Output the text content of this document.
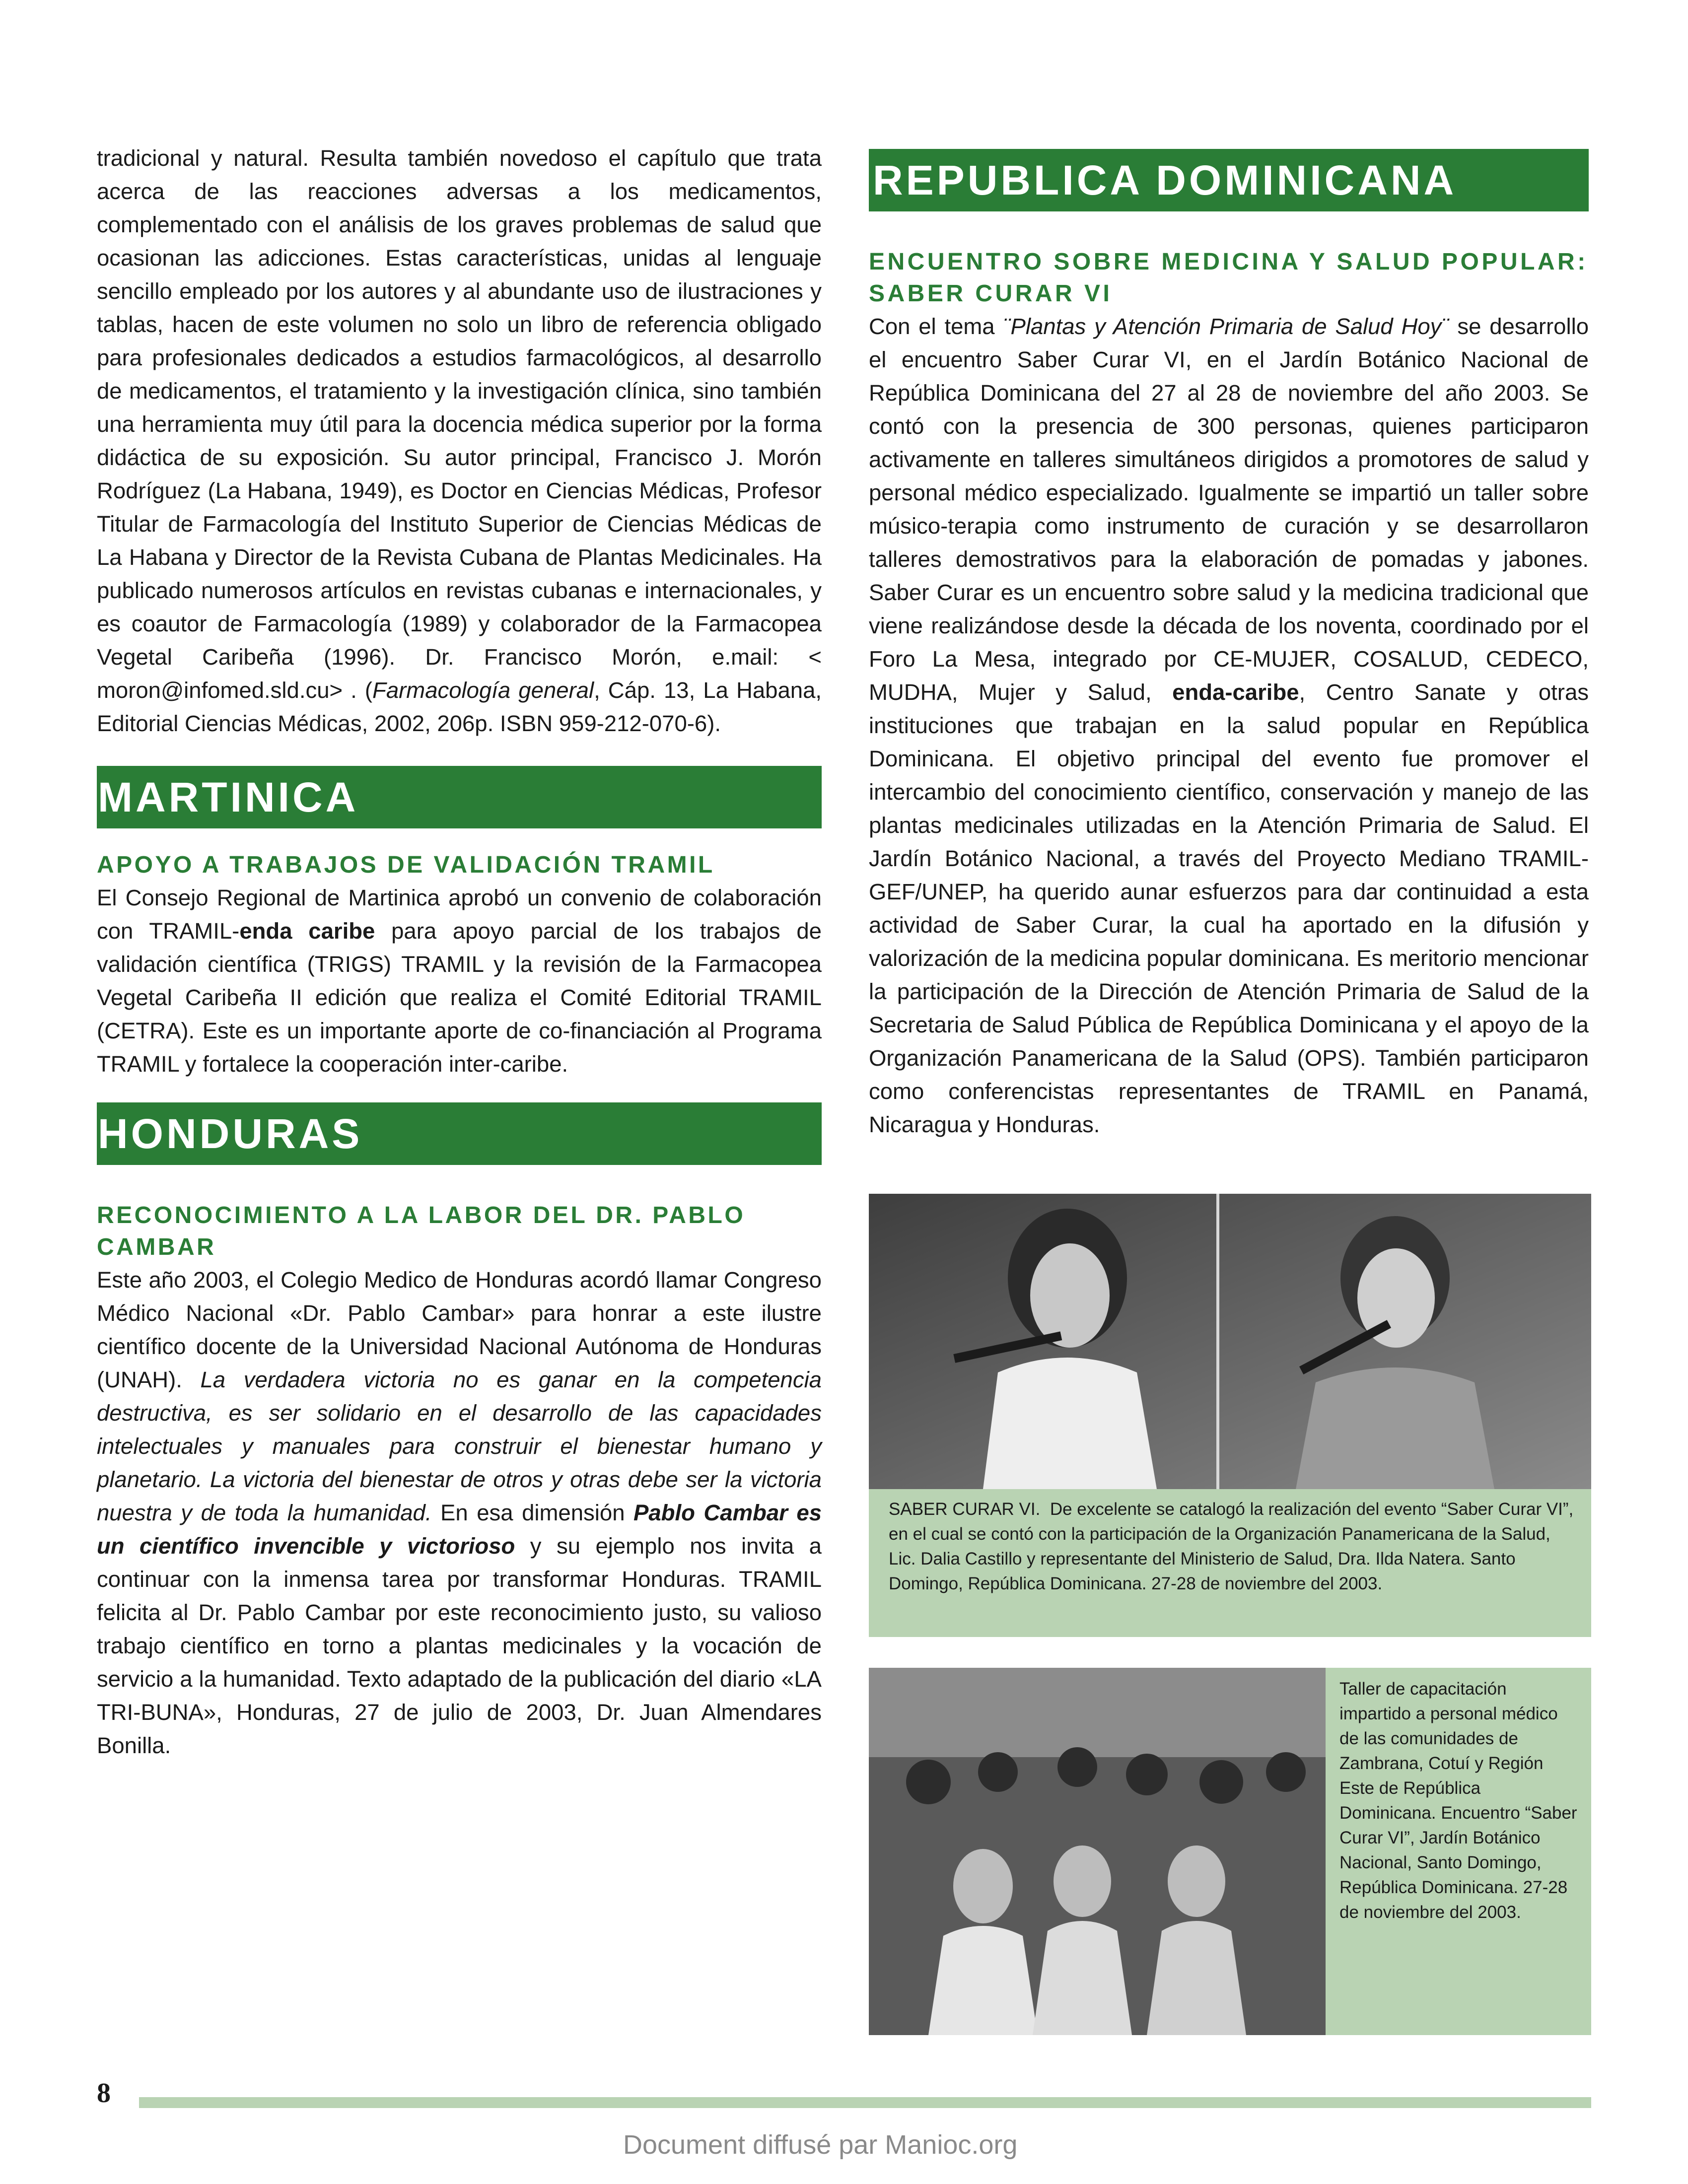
tradicional y natural. Resulta también novedoso el capítulo que trata acerca de las reacciones adversas a los medicamentos, complementado con el análisis de los graves problemas de salud que ocasionan las adicciones. Estas características, unidas al lenguaje sencillo empleado por los autores y al abundante uso de ilustraciones y tablas, hacen de este volumen no solo un libro de referencia obligado para profesionales dedicados a estudios farmacológicos, al desarrollo de medicamentos, el tratamiento y la investigación clínica, sino también una herramienta muy útil para la docencia médica superior por la forma didáctica de su exposición. Su autor principal, Francisco J. Morón Rodríguez (La Habana, 1949), es Doctor en Ciencias Médicas, Profesor Titular de Farmacología del Instituto Superior de Ciencias Médicas de La Habana y Director de la Revista Cubana de Plantas Medicinales. Ha publicado numerosos artículos en revistas cubanas e internacionales, y es coautor de Farmacología (1989) y colaborador de la Farmacopea Vegetal Caribeña (1996). Dr. Francisco Morón, e.mail: < moron@infomed.sld.cu> . (Farmacología general, Cáp. 13, La Habana, Editorial Ciencias Médicas, 2002, 206p. ISBN 959-212-070-6).

MARTINICA

APOYO A TRABAJOS DE VALIDACIÓN TRAMIL

El Consejo Regional de Martinica aprobó un convenio de colaboración con TRAMIL-enda caribe para apoyo parcial de los trabajos de validación científica (TRIGS) TRAMIL y la revisión de la Farmacopea Vegetal Caribeña II edición que realiza el Comité Editorial TRAMIL (CETRA). Este es un importante aporte de co-financiación al Programa TRAMIL y fortalece la cooperación inter-caribe.

HONDURAS

RECONOCIMIENTO A LA LABOR DEL DR. PABLO CAMBAR

Este año 2003, el Colegio Medico de Honduras acordó llamar Congreso Médico Nacional «Dr. Pablo Cambar» para honrar a este ilustre científico docente de la Universidad Nacional Autónoma de Honduras (UNAH). La verdadera victoria no es ganar en la competencia destructiva, es ser solidario en el desarrollo de las capacidades intelectuales y manuales para construir el bienestar humano y planetario. La victoria del bienestar de otros y otras debe ser la victoria nuestra y de toda la humanidad. En esa dimensión Pablo Cambar es un científico invencible y victorioso y su ejemplo nos invita a continuar con la inmensa tarea por transformar Honduras. TRAMIL felicita al Dr. Pablo Cambar por este reconocimiento justo, su valioso trabajo científico en torno a plantas medicinales y la vocación de servicio a la humanidad. Texto adaptado de la publicación del diario «LA TRI-BUNA», Honduras, 27 de julio de 2003, Dr. Juan Almendares Bonilla.

REPUBLICA DOMINICANA

ENCUENTRO SOBRE MEDICINA Y SALUD POPULAR: SABER CURAR VI

Con el tema ¨Plantas y Atención Primaria de Salud Hoy¨ se desarrollo el encuentro Saber Curar VI, en el Jardín Botánico Nacional de República Dominicana del 27 al 28 de noviembre del año 2003. Se contó con la presencia de 300 personas, quienes participaron activamente en talleres simultáneos dirigidos a promotores de salud y personal médico especializado. Igualmente se impartió un taller sobre músico-terapia como instrumento de curación y se desarrollaron talleres demostrativos para la elaboración de pomadas y jabones. Saber Curar es un encuentro sobre salud y la medicina tradicional que viene realizándose desde la década de los noventa, coordinado por el Foro La Mesa, integrado por CE-MUJER, COSALUD, CEDECO, MUDHA, Mujer y Salud, enda-caribe, Centro Sanate y otras instituciones que trabajan en la salud popular en República Dominicana. El objetivo principal del evento fue promover el intercambio del conocimiento científico, conservación y manejo de las plantas medicinales utilizadas en la Atención Primaria de Salud. El Jardín Botánico Nacional, a través del Proyecto Mediano TRAMIL-GEF/UNEP, ha querido aunar esfuerzos para dar continuidad a esta actividad de Saber Curar, la cual ha aportado en la difusión y valorización de la medicina popular dominicana. Es meritorio mencionar la participación de la Dirección de Atención Primaria de Salud de la Secretaria de Salud Pública de República Dominicana y el apoyo de la Organización Panamericana de la Salud (OPS). También participaron como conferencistas representantes de TRAMIL en Panamá, Nicaragua y Honduras.

SABER CURAR VI. De excelente se catalogó la realización del evento “Saber Curar VI”, en el cual se contó con la participación de la Organización Panamericana de la Salud, Lic. Dalia Castillo y representante del Ministerio de Salud, Dra. Ilda Natera. Santo Domingo, República Dominicana. 27-28 de noviembre del 2003.
Taller de capacitación impartido a personal médico de las comunidades de Zambrana, Cotuí y Región Este de República Dominicana. Encuentro “Saber Curar VI”, Jardín Botánico Nacional, Santo Domingo, República Dominicana. 27-28 de noviembre del 2003.
8
Document diffusé par Manioc.org
